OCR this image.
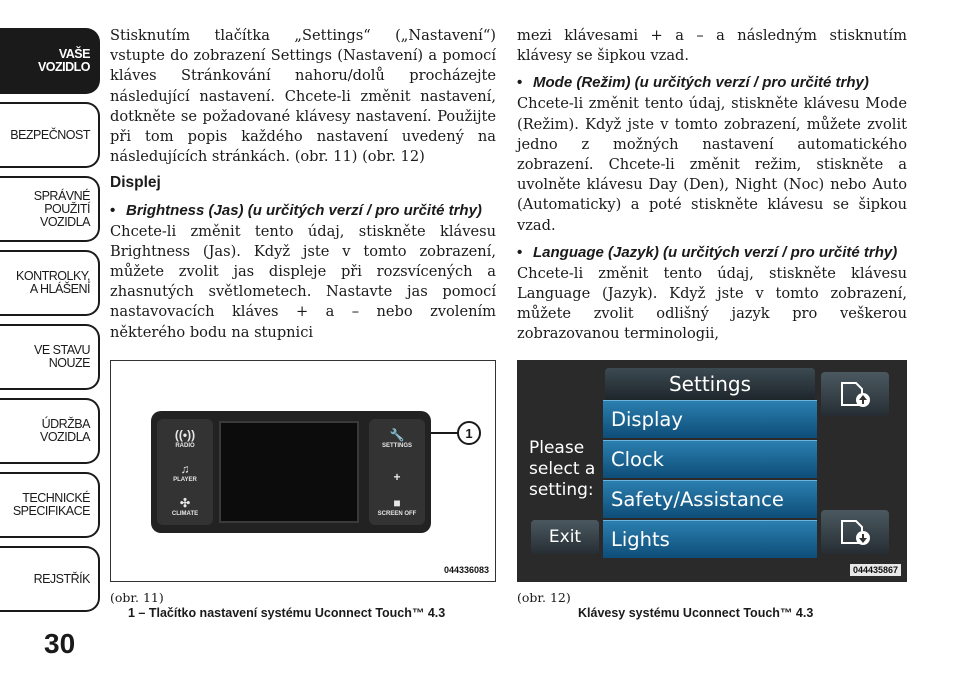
VAŠE
VOZIDLO
BEZPEČNOST
SPRÁVNÉ
POUŽITÍ
VOZIDLA
KONTROLKY,
A HLÁŠENÍ
VE STAVU
NOUZE
ÚDRŽBA
VOZIDLA
TECHNICKÉ
SPECIFIKACE
REJSTŘÍK
30

Stisknutím tlačítka „Settings“ („Nastavení“) vstupte do zobrazení Settings (Nastavení) a pomocí kláves Stránkování nahoru/dolů procházejte následující nastavení. Chcete-li změnit nastavení, dotkněte se požadované klávesy nastavení. Použijte při tom popis každého nastavení uvedený na následujících stránkách. (obr. 11) (obr. 12)

Displej
• Brightness (Jas) (u určitých verzí / pro určité trhy)

Chcete-li změnit tento údaj, stiskněte klávesu Brightness (Jas). Když jste v tomto zobrazení, můžete zvolit jas displeje při rozsvícených a zhasnutých světlometech. Nastavte jas pomocí nastavovacích kláves + a – nebo zvolením některého bodu na stupnici

mezi klávesami + a – a následným stisknutím klávesy se šipkou vzad.

• Mode (Režim) (u určitých verzí / pro určité trhy)

Chcete-li změnit tento údaj, stiskněte klávesu Mode (Režim). Když jste v tomto zobrazení, můžete zvolit jedno z možných nastavení automatického zobrazení. Chcete-li změnit režim, stiskněte a uvolněte klávesu Day (Den), Night (Noc) nebo Auto (Automaticky) a poté stiskněte klávesu se šipkou vzad.

• Language (Jazyk) (u určitých verzí / pro určité trhy)

Chcete-li změnit tento údaj, stiskněte klávesu Language (Jazyk). Když jste v tomto zobrazení, můžete zvolit odlišný jazyk pro veškerou zobrazovanou terminologii,

((•))
RADIO
♫
PLAYER
✣
CLIMATE
🔧
SETTINGS
+
■
SCREEN OFF
1
044336083
(obr. 11)
1 – Tlačítko nastavení systému Uconnect Touch™ 4.3
Settings
Please select a setting:
Display
Clock
Safety/Assistance
Lights
Exit
044435867
(obr. 12)
Klávesy systému Uconnect Touch™ 4.3
